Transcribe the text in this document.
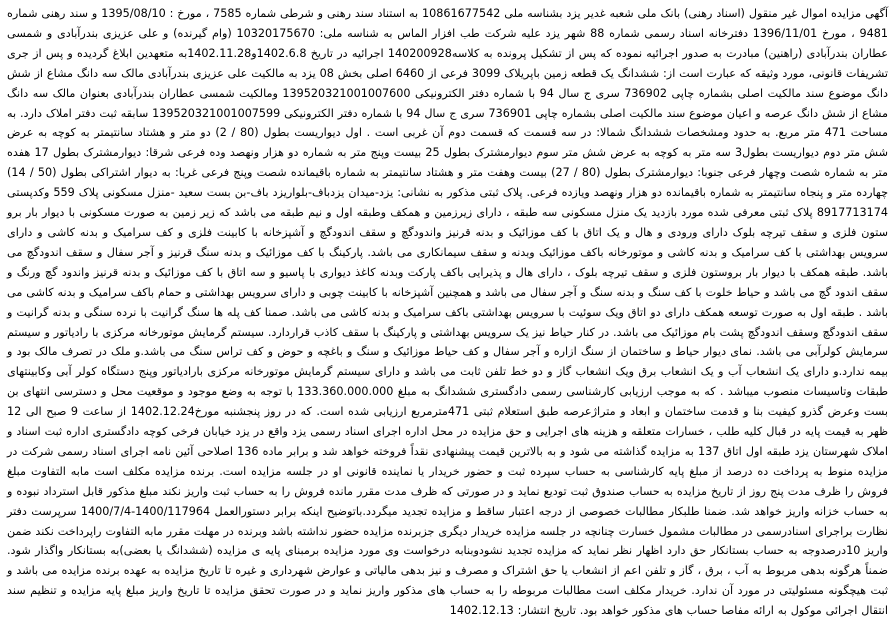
آگهی مزایده اموال غیر منقول (اسناد رهنی) بانک ملی شعبه غدیر یزد بشناسه ملی 10861677542 به استناد سند رهنی و شرطی شماره 7585 ، مورخ : 1395/08/10 و سند رهنی شماره 9481 ، مورخ 1396/11/01 دفترخانه اسناد رسمی شماره 88 شهر یزد علیه شرکت طب افزار الماس به شناسه ملی: 10320175670 (وام گیرنده) و علی عزیزی بندرآبادی و شمسی عطاران بندرآبادی (راهنین) مبادرت به صدور اجرائیه نموده که پس از تشکیل پرونده به کلاسه140200928 اجرائیه در تاریخ 1402.6.8و1402.11.28به متعهدین ابلاغ گردیده و پس از جری تشریفات قانونی، مورد وثیقه که عبارت است از: ششدانگ یک قطعه زمین باپریلاک 3099 فرعی از 6460 اصلی بخش 08 یزد به مالکیت علی عزیزی بندرآبادی مالک سه دانگ مشاع از شش دانگ موضوع سند مالکیت اصلی بشماره چاپی 736902 سری ج سال 94 با شماره دفتر الکترونیکی 139520321001007600 ومالکیت شمسی عطاران بندرآبادی بعنوان مالک سه دانگ مشاع از شش دانگ عرصه و اعیان موضوع سند مالکیت اصلی بشماره چاپی 736901 سری ج سال 94 با شماره دفتر الکترونیکی 139520321001007599 سابقه ثبت دفتر املاک دارد. به مساحت 471 متر مربع. به حدود ومشخصات ششدانگ شمالا: در سه قسمت که قسمت دوم آن غربی است . اول دیواریست بطول (80 / 2) دو متر و هشتاد سانتیمتر به کوچه به عرض شش متر دوم دیواریست بطول3 سه متر به کوچه به عرض شش متر سوم دیوارمشترک بطول 25 بیست وپنج متر به شماره دو هزار ونهصد وده فرعی شرقا: دیوارمشترک بطول 17 هفده متر به شماره شصت وچهار فرعی جنوبا: دیوارمشترک بطول (80 / 27) بیست وهفت متر و هشتاد سانتیمتر به شماره باقیمانده شصت وپنج فرعی غربا: به دیوار اشتراکی بطول (50 / 14) چهارده متر و پنجاه سانتیمتر به شماره باقیمانده دو هزار ونهصد ویازده فرعی. پلاک ثبتی مذکور به نشانی: یزد-میدان یزدباف-بلواریزد باف-بن بست سعید -منزل مسکونی پلاک 559 وکدپستی 8917713174 پلاک ثبتی معرفی شده مورد بازدید یک منزل مسکونی سه طبقه ، دارای زیرزمین و همکف وطبقه اول و نیم طبقه می باشد که زیر زمین به صورت مسکونی با دیوار بار برو ستون فلزی و سقف تیرچه بلوک دارای ورودی و هال و یک اتاق با کف موزائیک و بدنه قرنیز واندودگچ و سقف اندودگچ و آشپزخانه با کابینت فلزی و کف سرامیک و بدنه کاشی و دارای سرویس بهداشتی با کف سرامیک و بدنه کاشی و موتورخانه باکف موزائیک وبدنه و سقف سیمانکاری می باشد. پارکینگ با کف موزائیک و بدنه سنگ قرنیز و آجر سفال و سقف اندودگچ می باشد. طبقه همکف با دیوار بار بروستون فلزی و سقف تیرچه بلوک ، دارای هال و پذیرایی باکف پارکت وبدنه کاغذ دیواری با پاسیو و سه اتاق با کف موزائیک و بدنه قرنیز واندود گچ ورنگ و سقف اندود گچ می باشد و حیاط خلوت با کف سنگ و بدنه سنگ و آجر سفال می باشد و همچنین آشپزخانه با کابینت چوبی و دارای سرویس بهداشتی و حمام باکف سرامیک و بدنه کاشی می باشد . طبقه اول به صورت توسعه همکف دارای دو اتاق ویک سوئیت با سرویس بهداشتی باکف سرامیک و بدنه کاشی می باشد. صمنا کف پله ها سنگ گرانیت با نرده سنگی و بدنه گرانیت و سقف اندودگچ وسقف اندودگچ پشت بام موزائیک می باشد. در کنار حیاط نیز یک سرویس بهداشتی و پارکینگ با سقف کاذب قراردارد. سیستم گرمایش موتورخانه مرکزی با رادیاتور و سیستم سرمایش کولرآبی می باشد. نمای دیوار حیاط و ساختمان از سنگ ازاره و آجر سفال و کف حیاط موزائیک و سنگ و باغچه و حوض و کف تراس سنگ می باشد.و ملک در تصرف مالک بود و بیمه ندارد.و دارای یک انشعاب آب و یک انشعاب برق ویک انشعاب گاز و دو خط تلفن ثابت می باشد و دارای سیستم گرمایش موتورخانه مرکزی بارادیاتور وپنج دستگاه کولر آبی وکابینتهای طبقات وتاسیسات منصوب میباشد . که به موجب ارزیابی کارشناسی رسمی دادگستری ششدانگ به مبلغ 133.360.000.000 با توجه به وضع موجود و موقعیت محل و دسترسی انتهای بن بست وعرض گذرو کیفیت بنا و قدمت ساختمان و ابعاد و متراژعرصه طبق استعلام ثبتی 471مترمربع ارزیابی شده است. که در روز پنجشنبه مورخ1402.12.24 از ساعت 9 صبح الی 12 ظهر به قیمت پایه در قبال کلیه طلب ، خسارات متعلقه و هزینه های اجرایی و حق مزایده در محل اداره اجرای اسناد رسمی یزد واقع در یزد خیابان فرخی کوچه دادگستری اداره ثبت اسناد و املاک شهرستان یزد طبقه اول اتاق 137 به مزایده گذاشته می شود و به بالاترین قیمت پیشنهادی نقداً فروخته خواهد شد و برابر ماده 136 اصلاحی آئین نامه اجرای اسناد رسمی شرکت در مزایده منوط به پرداخت ده درصد از مبلغ پایه کارشناسی به حساب سپرده ثبت و حضور خریدار یا نماینده قانونی او در جلسه مزایده است. برنده مزایده مکلف است مابه التفاوت مبلغ فروش را ظرف مدت پنج روز از تاریخ مزایده به حساب صندوق ثبت تودیع نماید و در صورتی که ظرف مدت مقرر مانده فروش را به حساب ثبت واریز نکند مبلغ مذکور قابل استرداد نبوده و به حساب خزانه واریز خواهد شد. ضمنا طلبکار مطالبات خصوصی از درجه اعتبار ساقط و مزایده تجدید میگردد.باتوضیح اینکه برابر دستورالعمل 1400/117964-1400/7/4 سرپرست دفتر نظارت براجرای اسنادرسمی در مطالبات مشمول خسارت چنانچه در جلسه مزایده خریدار دیگری جزبرنده مزایده حضور نداشته باشد وبرنده در مهلت مقرر مابه التفاوت راپرداخت نکند ضمن واریز 10درصدوجه به حساب بستانکار حق دارد اظهار نظر نماید که مزایده تجدید نشودوبنابه درخواست وی مورد مزایده برمبنای پایه ی مزایده (ششدانگ یا بعضی)به بستانکار واگذار شود. ضمناً هرگونه بدهی مربوط به آب ، برق ، گاز و تلفن اعم از انشعاب یا حق اشتراک و مصرف و نیز بدهی مالیاتی و عوارض شهرداری و غیره تا تاریخ مزایده به عهده برنده مزایده می باشد و ثبت هیچگونه مسئولیتی در مورد آن ندارد. خریدار مکلف است مطالبات مربوطه را به حساب های مذکور واریز نماید و در صورت تحقق مزایده تا تاریخ واریز مبلغ پایه مزایده و تنظیم سند انتقال اجرائی موکول به ارائه مفاصا حساب های مذکور خواهد بود. تاریخ انتشار: 1402.12.13
